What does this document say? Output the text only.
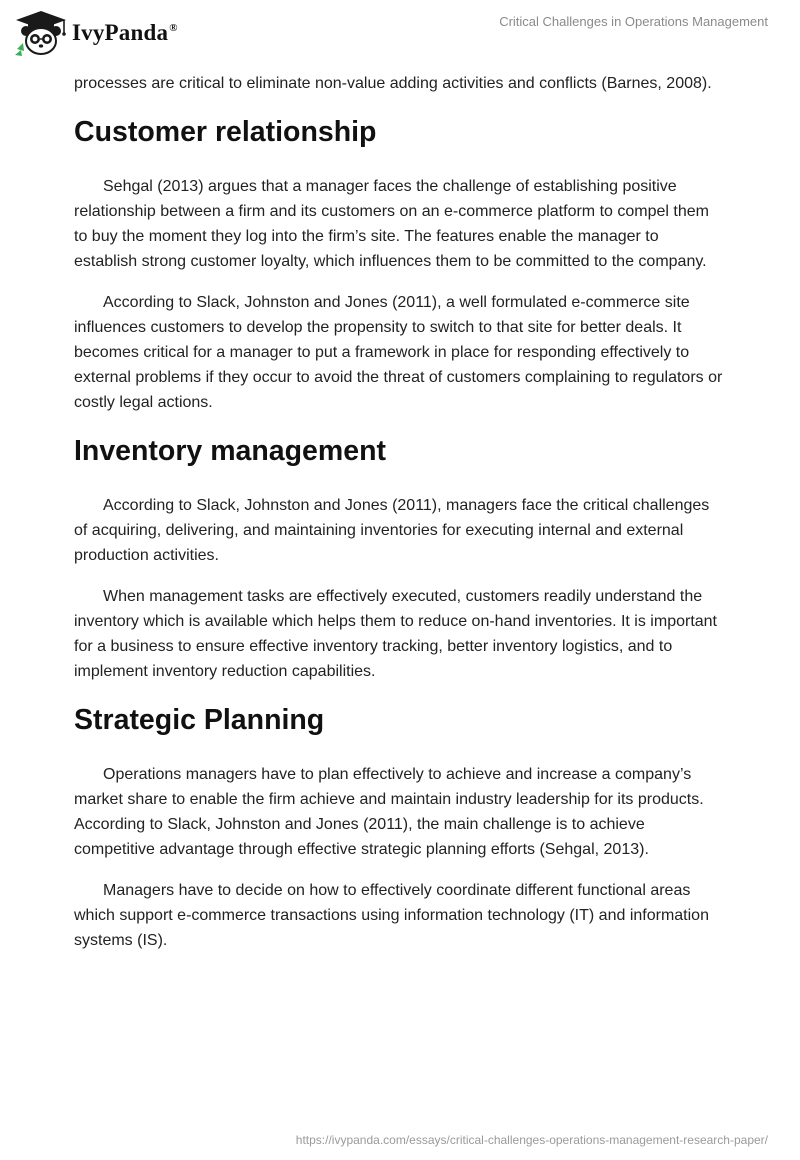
IvyPanda®	Critical Challenges in Operations Management

processes are critical to eliminate non-value adding activities and conflicts (Barnes, 2008).

Customer relationship

Sehgal (2013) argues that a manager faces the challenge of establishing positive relationship between a firm and its customers on an e-commerce platform to compel them to buy the moment they log into the firm’s site. The features enable the manager to establish strong customer loyalty, which influences them to be committed to the company.

According to Slack, Johnston and Jones (2011), a well formulated e-commerce site influences customers to develop the propensity to switch to that site for better deals. It becomes critical for a manager to put a framework in place for responding effectively to external problems if they occur to avoid the threat of customers complaining to regulators or costly legal actions.

Inventory management

According to Slack, Johnston and Jones (2011), managers face the critical challenges of acquiring, delivering, and maintaining inventories for executing internal and external production activities.

When management tasks are effectively executed, customers readily understand the inventory which is available which helps them to reduce on-hand inventories. It is important for a business to ensure effective inventory tracking, better inventory logistics, and to implement inventory reduction capabilities.

Strategic Planning

Operations managers have to plan effectively to achieve and increase a company’s market share to enable the firm achieve and maintain industry leadership for its products. According to Slack, Johnston and Jones (2011), the main challenge is to achieve competitive advantage through effective strategic planning efforts (Sehgal, 2013).

Managers have to decide on how to effectively coordinate different functional areas which support e-commerce transactions using information technology (IT) and information systems (IS).

https://ivypanda.com/essays/critical-challenges-operations-management-research-paper/
